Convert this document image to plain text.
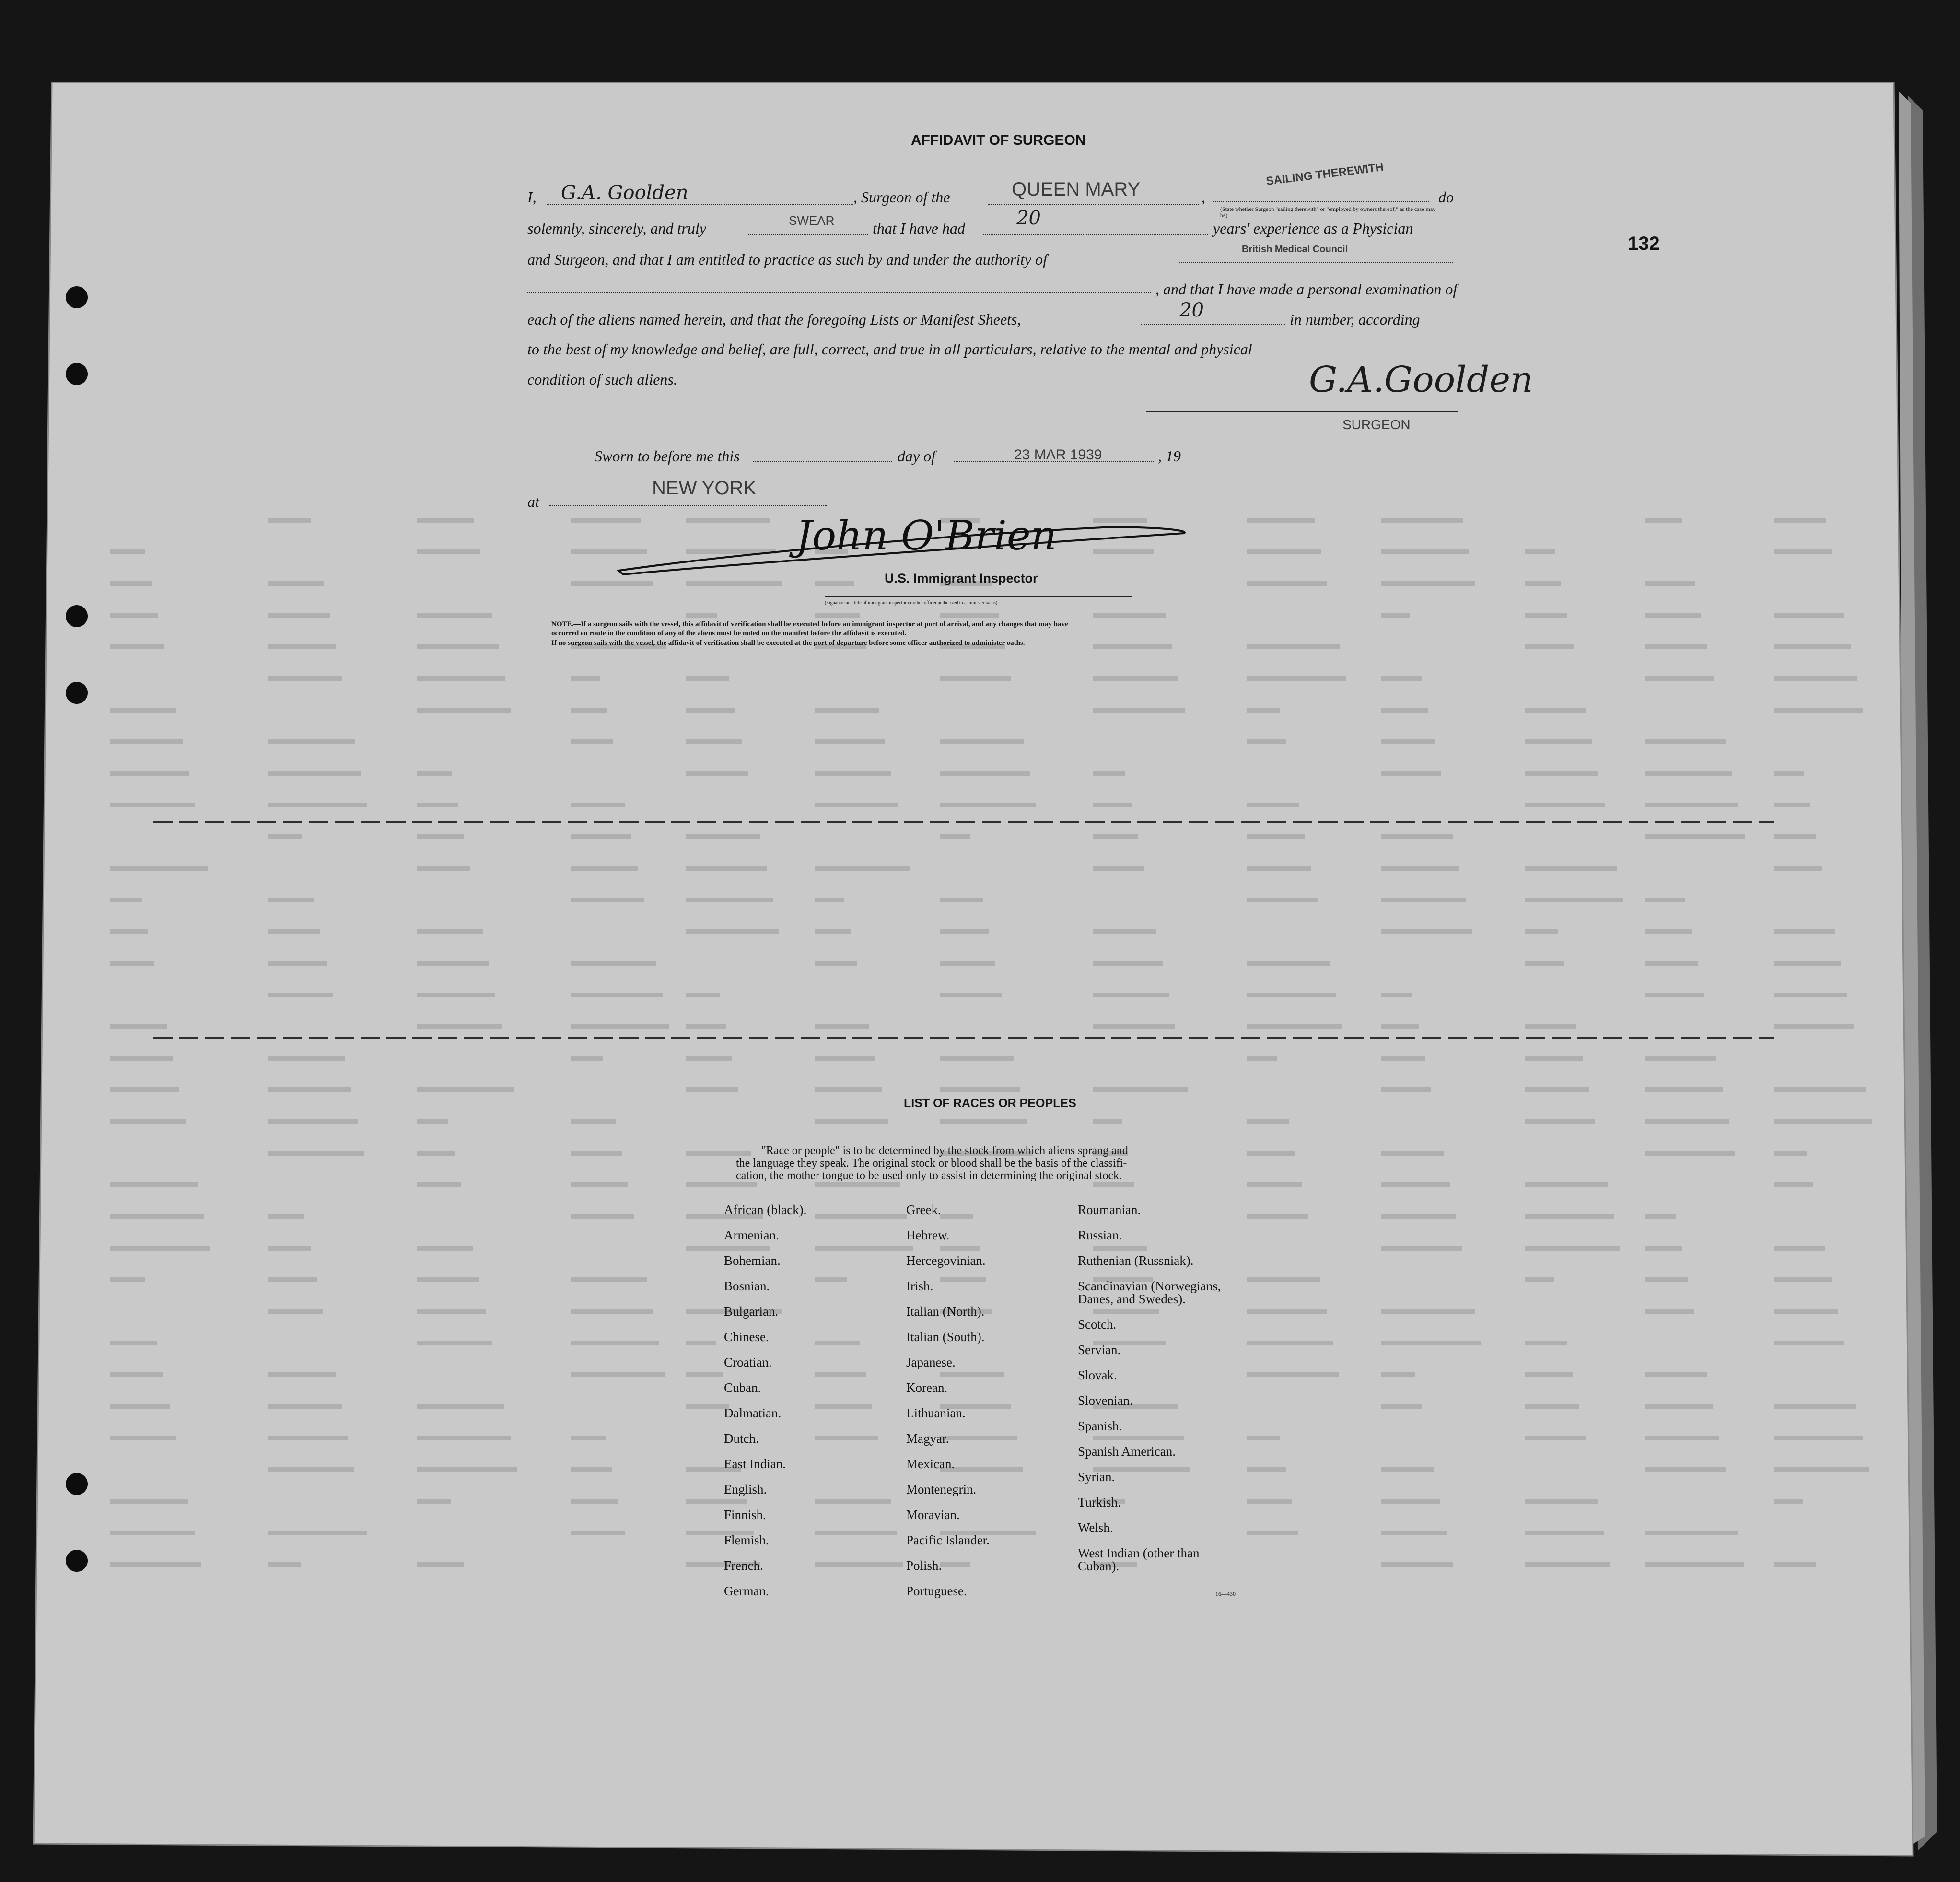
AFFIDAVIT OF SURGEON
132
I, G.A. Goolden	, Surgeon of the	QUEEN MARY	,
SAILING THEREWITH
(State whether Surgeon "sailing therewith" or "employed by owners thereof," as the case may be)
do
solemnly, sincerely, and truly	SWEAR that I have had	20	years' experience as a Physician
and Surgeon, and that I am entitled to practice as such by and under the authority of
British Medical Council
, and that I have made a personal examination of
each of the aliens named herein, and that the foregoing Lists or Manifest Sheets,	20	in number, according
to the best of my knowledge and belief, are full, correct, and true in all particulars, relative to the mental and physical
condition of such aliens.	G.A.Goolden
SURGEON
Sworn to before me this	day of	23 MAR 1939	, 19
at
NEW YORK
John O'Brien
U.S. Immigrant Inspector
(Signature and title of immigrant inspector or other officer authorized to administer oaths)
NOTE.—If a surgeon sails with the vessel, this affidavit of verification shall be executed before an immigrant inspector at port of arrival, and any changes that may have
occurred en route in the condition of any of the aliens must be noted on the manifest before the affidavit is executed.
If no surgeon sails with the vessel, the affidavit of verification shall be executed at the port of departure before some officer authorized to administer oaths.
LIST OF RACES OR PEOPLES
"Race or people" is to be determined by the stock from which aliens sprang and
the language they speak. The original stock or blood shall be the basis of the classifi-
cation, the mother tongue to be used only to assist in determining the original stock.
African (black).
Armenian.
Bohemian.
Bosnian.
Bulgarian.
Chinese.
Croatian.
Cuban.
Dalmatian.
Dutch.
East Indian.
English.
Finnish.
Flemish.
French.
German.
Greek.
Hebrew.
Hercegovinian.
Irish.
Italian (North).
Italian (South).
Japanese.
Korean.
Lithuanian.
Magyar.
Mexican.
Montenegrin.
Moravian.
Pacific Islander.
Polish.
Portuguese.
Roumanian.
Russian.
Ruthenian (Russniak).
Scandinavian (Norwegians,
Danes, and Swedes).
Scotch.
Servian.
Slovak.
Slovenian.
Spanish.
Spanish American.
Syrian.
Turkish.
Welsh.
West Indian (other than
Cuban).
16—430
